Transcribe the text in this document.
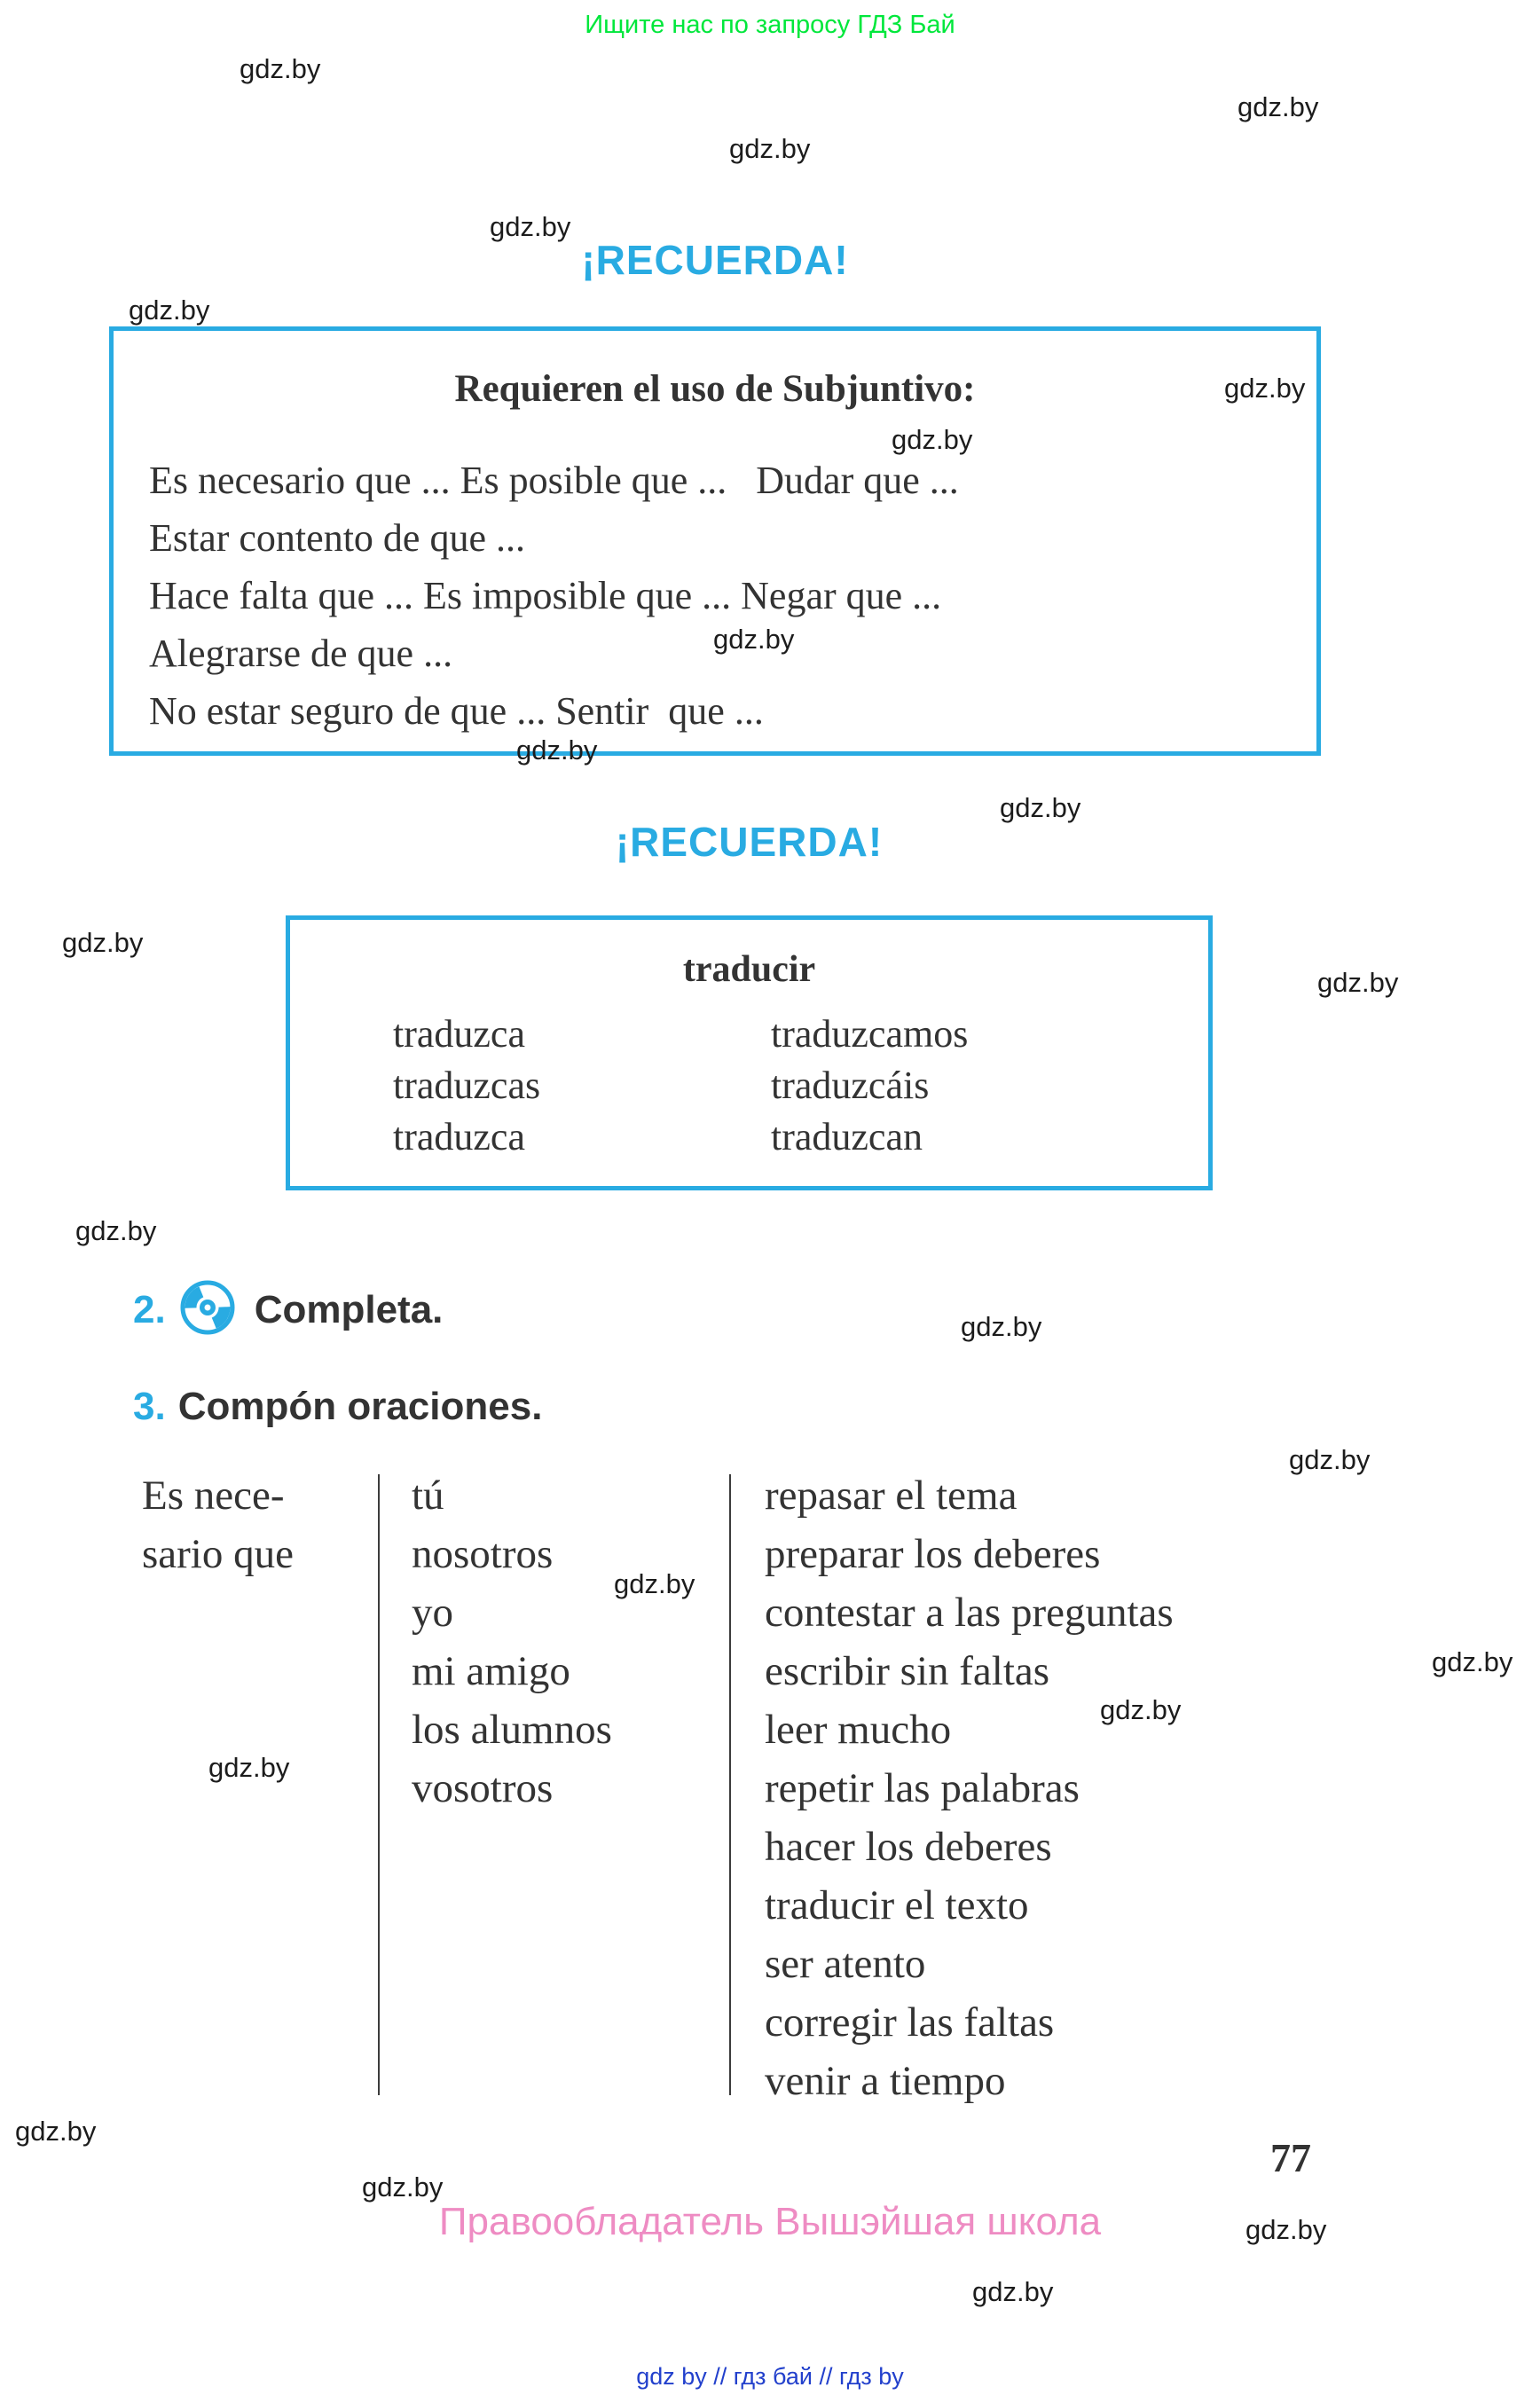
Ищите нас по запросу ГДЗ Бай
gdz.by
gdz.by
gdz.by
gdz.by
gdz.by
gdz.by
gdz.by
gdz.by
gdz.by
gdz.by
gdz.by
gdz.by
gdz.by
gdz.by
gdz.by
gdz.by
gdz.by
gdz.by
gdz.by
gdz.by
gdz.by
gdz.by
gdz.by
¡RECUERDA!
Requieren el uso de Subjuntivo:
Es necesario que ... Es posible que ...   Dudar que ...
Estar contento de que ...
Hace falta que ... Es imposible que ... Negar que ...
Alegrarse de que ...
No estar seguro de que ... Sentir  que ...
¡RECUERDA!
traducir
traduzca
traduzcas
traduzca
traduzcamos
traduzcáis
traduzcan
2. Completa.
3. Compón oraciones.
Es nece-
sario que
tú
nosotros
yo
mi amigo
los alumnos
vosotros
repasar el tema
preparar los deberes
contestar a las preguntas
escribir sin faltas
leer mucho
repetir las palabras
hacer los deberes
traducir el texto
ser atento
corregir las faltas
venir a tiempo
77
Правообладатель Вышэйшая школа
gdz by // гдз бай // гдз by
